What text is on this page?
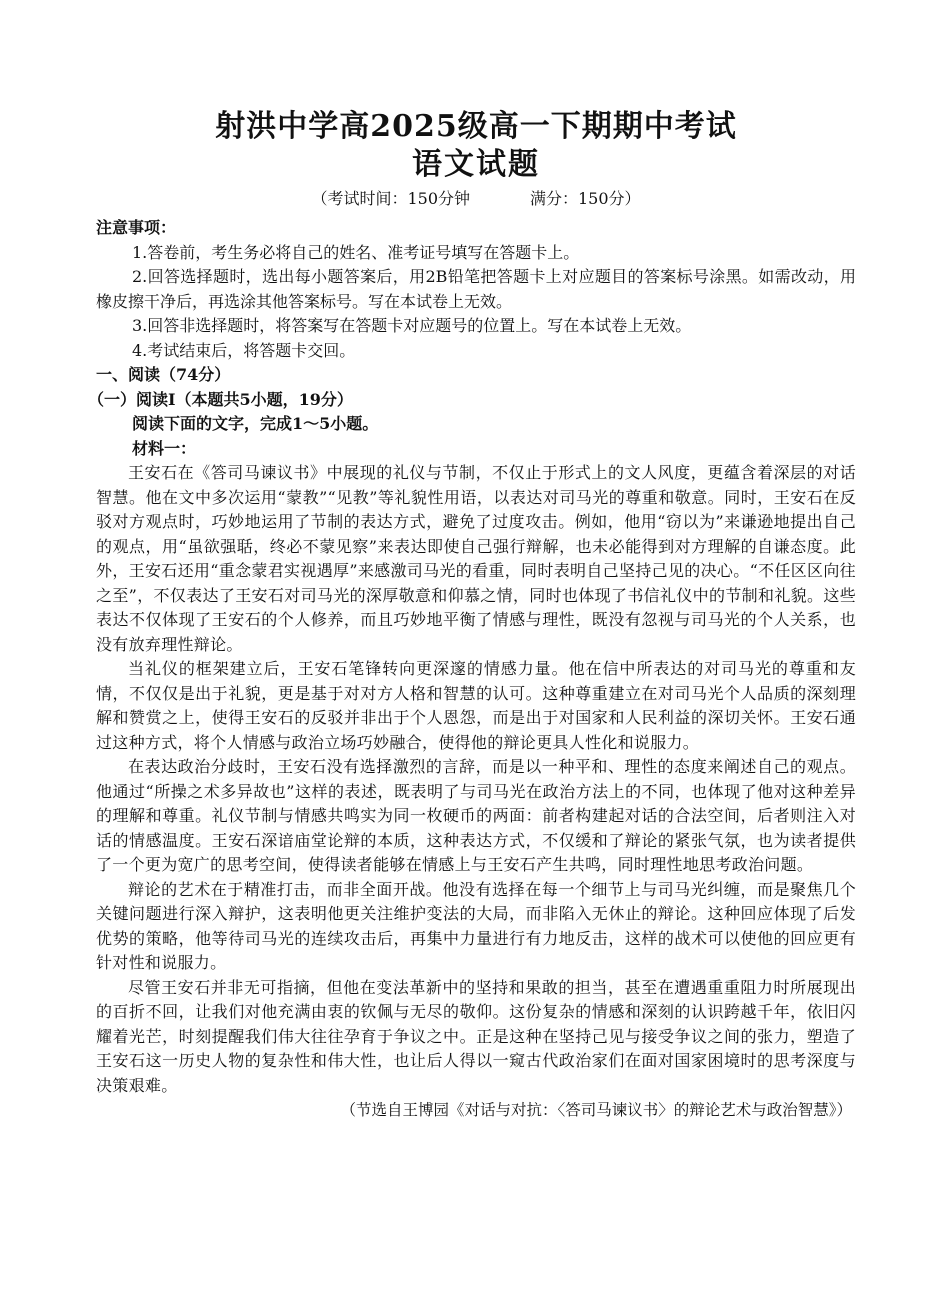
射洪中学高2025级高一下期期中考试
语文试题
（考试时间：150分钟	满分：150分）
注意事项：
1.答卷前，考生务必将自己的姓名、准考证号填写在答题卡上。
2.回答选择题时，选出每小题答案后，用2B铅笔把答题卡上对应题目的答案标号涂黑。如需改动，用橡皮擦干净后，再选涂其他答案标号。写在本试卷上无效。
3.回答非选择题时，将答案写在答题卡对应题号的位置上。写在本试卷上无效。
4.考试结束后，将答题卡交回。
一、阅读（74分）
（一）阅读Ⅰ（本题共5小题，19分）
阅读下面的文字，完成1～5小题。
材料一：
王安石在《答司马谏议书》中展现的礼仪与节制，不仅止于形式上的文人风度，更蕴含着深层的对话智慧。他在文中多次运用“蒙教”“见教”等礼貌性用语，以表达对司马光的尊重和敬意。同时，王安石在反驳对方观点时，巧妙地运用了节制的表达方式，避免了过度攻击。例如，他用“窃以为”来谦逊地提出自己的观点，用“虽欲强聒，终必不蒙见察”来表达即使自己强行辩解，也未必能得到对方理解的自谦态度。此外，王安石还用“重念蒙君实视遇厚”来感激司马光的看重，同时表明自己坚持己见的决心。“不任区区向往之至”，不仅表达了王安石对司马光的深厚敬意和仰慕之情，同时也体现了书信礼仪中的节制和礼貌。这些表达不仅体现了王安石的个人修养，而且巧妙地平衡了情感与理性，既没有忽视与司马光的个人关系，也没有放弃理性辩论。
当礼仪的框架建立后，王安石笔锋转向更深邃的情感力量。他在信中所表达的对司马光的尊重和友情，不仅仅是出于礼貌，更是基于对对方人格和智慧的认可。这种尊重建立在对司马光个人品质的深刻理解和赞赏之上，使得王安石的反驳并非出于个人恩怨，而是出于对国家和人民利益的深切关怀。王安石通过这种方式，将个人情感与政治立场巧妙融合，使得他的辩论更具人性化和说服力。
在表达政治分歧时，王安石没有选择激烈的言辞，而是以一种平和、理性的态度来阐述自己的观点。他通过“所操之术多异故也”这样的表述，既表明了与司马光在政治方法上的不同，也体现了他对这种差异的理解和尊重。礼仪节制与情感共鸣实为同一枚硬币的两面：前者构建起对话的合法空间，后者则注入对话的情感温度。王安石深谙庙堂论辩的本质，这种表达方式，不仅缓和了辩论的紧张气氛，也为读者提供了一个更为宽广的思考空间，使得读者能够在情感上与王安石产生共鸣，同时理性地思考政治问题。
辩论的艺术在于精准打击，而非全面开战。他没有选择在每一个细节上与司马光纠缠，而是聚焦几个关键问题进行深入辩护，这表明他更关注维护变法的大局，而非陷入无休止的辩论。这种回应体现了后发优势的策略，他等待司马光的连续攻击后，再集中力量进行有力地反击，这样的战术可以使他的回应更有针对性和说服力。
尽管王安石并非无可指摘，但他在变法革新中的坚持和果敢的担当，甚至在遭遇重重阻力时所展现出的百折不回，让我们对他充满由衷的钦佩与无尽的敬仰。这份复杂的情感和深刻的认识跨越千年，依旧闪耀着光芒，时刻提醒我们伟大往往孕育于争议之中。正是这种在坚持己见与接受争议之间的张力，塑造了王安石这一历史人物的复杂性和伟大性，也让后人得以一窥古代政治家们在面对国家困境时的思考深度与决策艰难。
（节选自王博园《对话与对抗：〈答司马谏议书〉的辩论艺术与政治智慧》）
